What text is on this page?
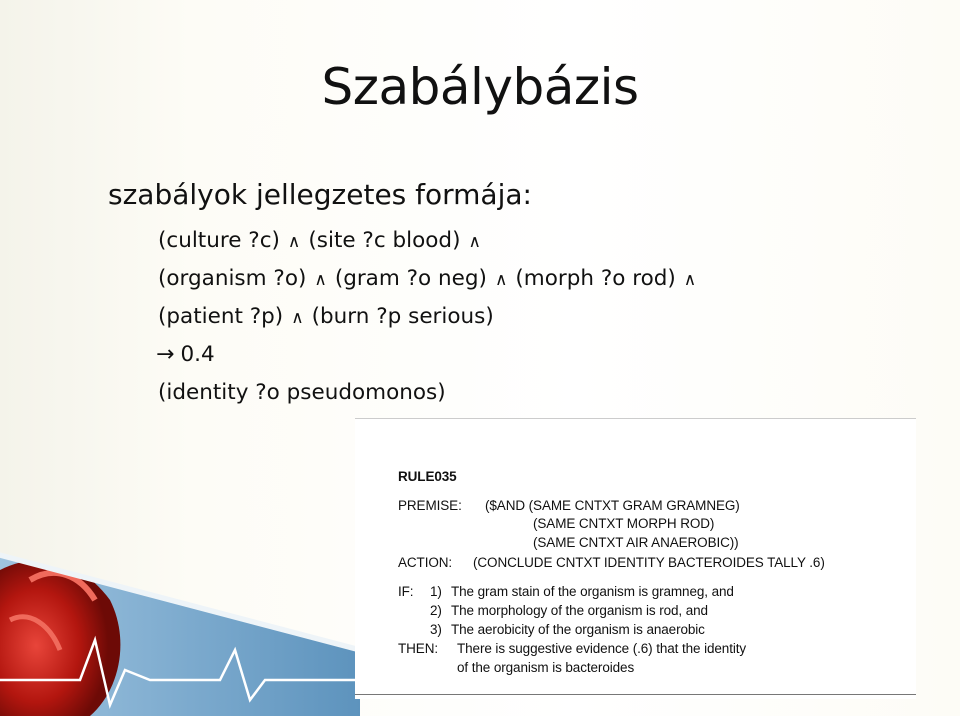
Szabálybázis
szabályok jellegzetes formája:
(culture ?c) ∧ (site ?c blood) ∧
(organism ?o) ∧ (gram ?o neg) ∧ (morph ?o rod) ∧
(patient ?p) ∧ (burn ?p serious)
→ 0.4
(identity ?o pseudomonos)
RULE035
PREMISE: ($AND (SAME CNTXT GRAM GRAMNEG)
(SAME CNTXT MORPH ROD)
(SAME CNTXT AIR ANAEROBIC))
ACTION: (CONCLUDE CNTXT IDENTITY BACTEROIDES TALLY .6)
IF: 1) The gram stain of the organism is gramneg, and
2) The morphology of the organism is rod, and
3) The aerobicity of the organism is anaerobic
THEN: There is suggestive evidence (.6) that the identity
of the organism is bacteroides
